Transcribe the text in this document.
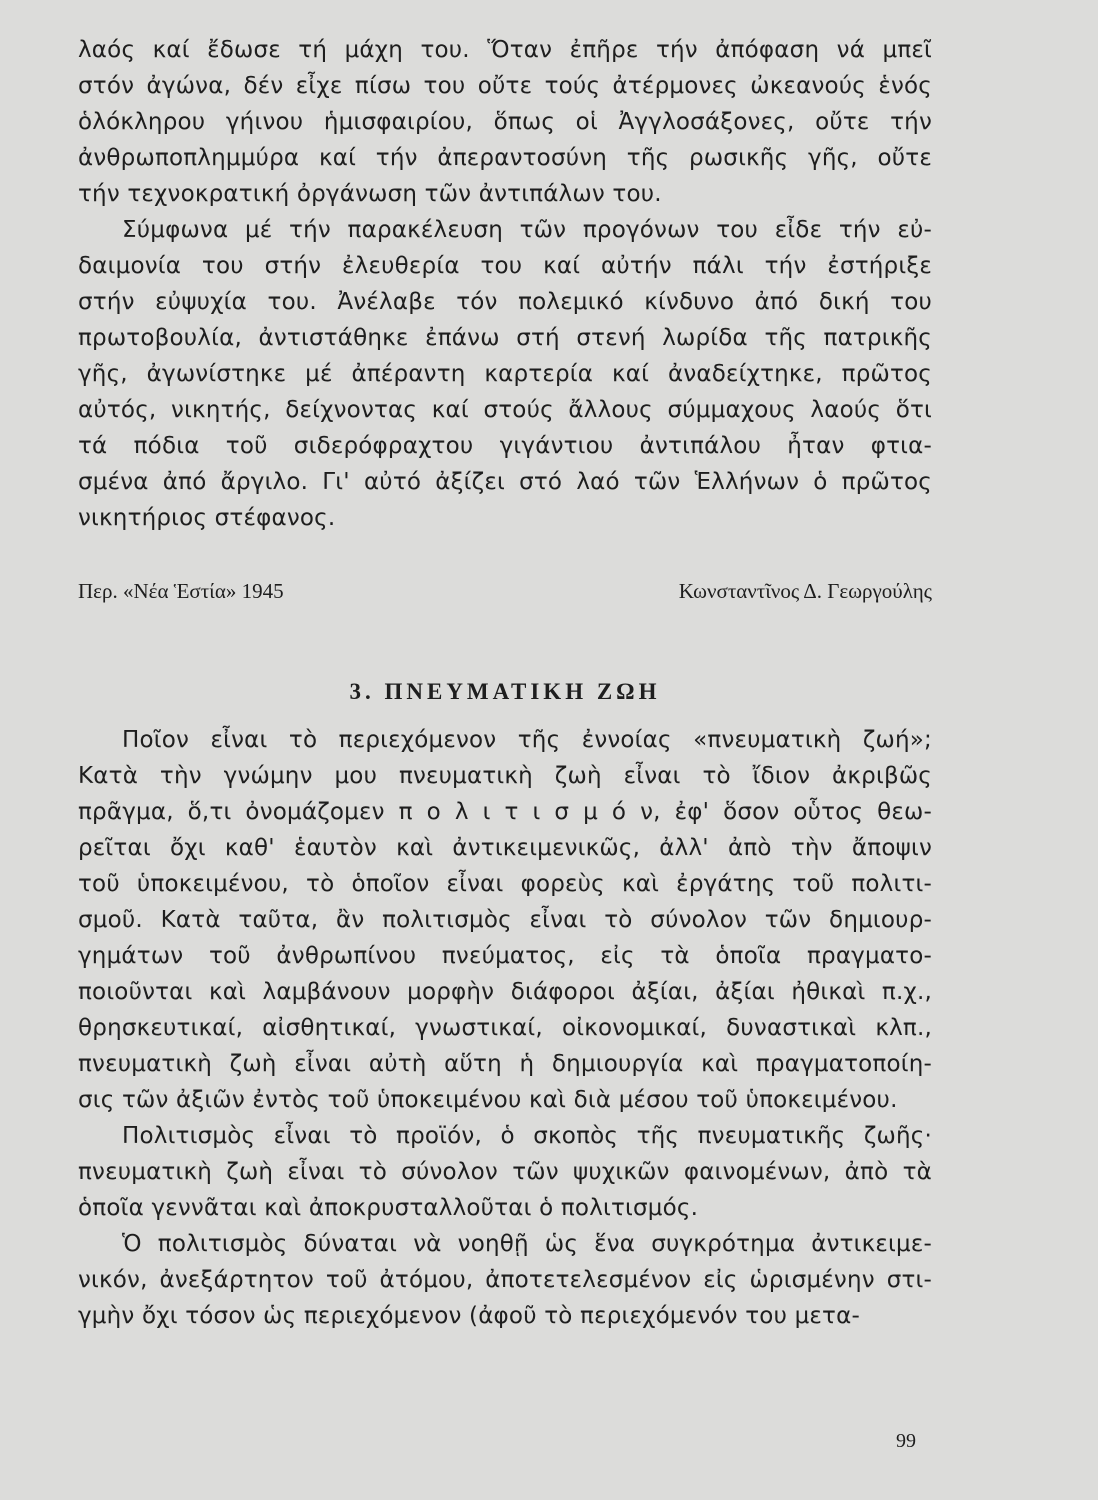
λαός καί ἔδωσε τή μάχη του. Ὅταν ἐπῆρε τήν ἀπόφαση νά μπεῖ
στόν ἀγώνα, δέν εἶχε πίσω του οὔτε τούς ἀτέρμονες ὠκεανούς ἑνός
ὁλόκληρου γήινου ἡμισφαιρίου, ὅπως οἱ Ἀγγλοσάξονες, οὔτε τήν
ἀνθρωποπλημμύρα καί τήν ἀπεραντοσύνη τῆς ρωσικῆς γῆς, οὔτε
τήν τεχνοκρατική ὀργάνωση τῶν ἀντιπάλων του.
Σύμφωνα μέ τήν παρακέλευση τῶν προγόνων του εἶδε τήν εὐ-
δαιμονία του στήν ἐλευθερία του καί αὐτήν πάλι τήν ἐστήριξε
στήν εὐψυχία του. Ἀνέλαβε τόν πολεμικό κίνδυνο ἀπό δική του
πρωτοβουλία, ἀντιστάθηκε ἐπάνω στή στενή λωρίδα τῆς πατρικῆς
γῆς, ἀγωνίστηκε μέ ἀπέραντη καρτερία καί ἀναδείχτηκε, πρῶτος
αὐτός, νικητής, δείχνοντας καί στούς ἄλλους σύμμαχους λαούς ὅτι
τά πόδια τοῦ σιδερόφραχτου γιγάντιου ἀντιπάλου ἦταν φτια-
σμένα ἀπό ἄργιλο. Γι' αὐτό ἀξίζει στό λαό τῶν Ἑλλήνων ὁ πρῶτος
νικητήριος στέφανος.
Περ. «Νέα Ἑστία» 1945	Κωνσταντῖνος Δ. Γεωργούλης
3. ΠΝΕΥΜΑΤΙΚΗ ΖΩΗ
Ποῖον εἶναι τὸ περιεχόμενον τῆς ἐννοίας «πνευματικὴ ζωή»;
Κατὰ τὴν γνώμην μου πνευματικὴ ζωὴ εἶναι τὸ ἴδιον ἀκριβῶς
πρᾶγμα, ὅ,τι ὀνομάζομεν π ο λ ι τ ι σ μ ό ν, ἐφ' ὅσον οὗτος θεω-
ρεῖται ὄχι καθ' ἑαυτὸν καὶ ἀντικειμενικῶς, ἀλλ' ἀπὸ τὴν ἄποψιν
τοῦ ὑποκειμένου, τὸ ὁποῖον εἶναι φορεὺς καὶ ἐργάτης τοῦ πολιτι-
σμοῦ. Κατὰ ταῦτα, ἂν πολιτισμὸς εἶναι τὸ σύνολον τῶν δημιουρ-
γημάτων τοῦ ἀνθρωπίνου πνεύματος, εἰς τὰ ὁποῖα πραγματο-
ποιοῦνται καὶ λαμβάνουν μορφὴν διάφοροι ἀξίαι, ἀξίαι ἠθικαὶ π.χ.,
θρησκευτικαί, αἰσθητικαί, γνωστικαί, οἰκονομικαί, δυναστικαὶ κλπ.,
πνευματικὴ ζωὴ εἶναι αὐτὴ αὕτη ἡ δημιουργία καὶ πραγματοποίη-
σις τῶν ἀξιῶν ἐντὸς τοῦ ὑποκειμένου καὶ διὰ μέσου τοῦ ὑποκειμένου.
Πολιτισμὸς εἶναι τὸ προϊόν, ὁ σκοπὸς τῆς πνευματικῆς ζωῆς·
πνευματικὴ ζωὴ εἶναι τὸ σύνολον τῶν ψυχικῶν φαινομένων, ἀπὸ τὰ
ὁποῖα γεννᾶται καὶ ἀποκρυσταλλοῦται ὁ πολιτισμός.
Ὁ πολιτισμὸς δύναται νὰ νοηθῇ ὡς ἕνα συγκρότημα ἀντικειμε-
νικόν, ἀνεξάρτητον τοῦ ἀτόμου, ἀποτετελεσμένον εἰς ὡρισμένην στι-
γμὴν ὄχι τόσον ὡς περιεχόμενον (ἀφοῦ τὸ περιεχόμενόν του μετα-
99
